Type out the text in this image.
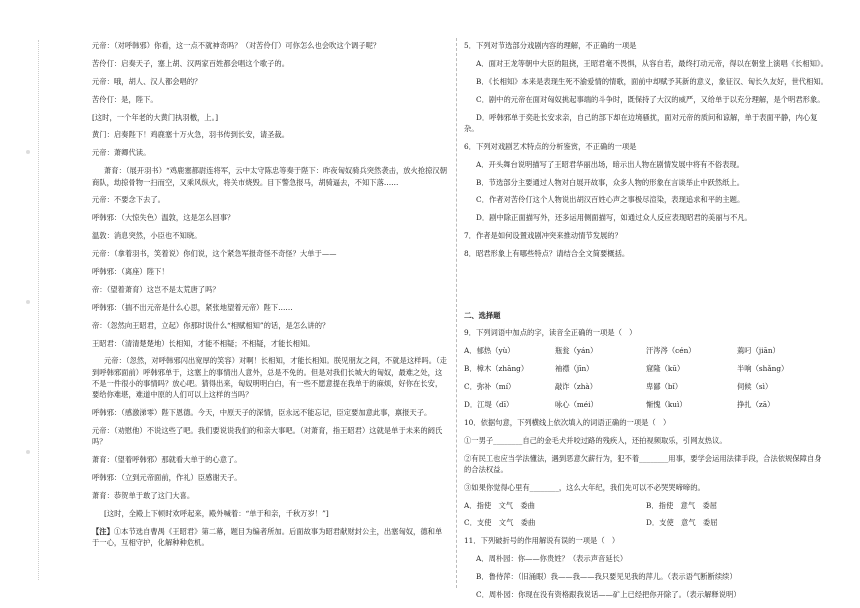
元帝：（对呼韩邪）你看，这一点不就神奇吗？（对苦伶仃）可你怎么也会吹这个调子呢？

苦伶仃：启奏天子，塞上胡、汉两家百姓都会唱这个歌子的。

元帝：哦，胡人、汉人都会唱的？

苦伶仃：是，陛下。

[这时，一个年老的大黄门执羽檄，上。]

黄门：启奏陛下！鸡鹿塞十万火急，羽书传到长安，请圣裁。

元帝：萧卿代读。

萧育：（展开羽书）“鸡鹿塞都尉连将军，云中太守陈忠等奏于陛下：昨夜匈奴骑兵突然袭击，放火抢掠汉朝商队，劫掠骨物一扫而空，又乘风纵火，将关市烧毁。目下警急报马，胡骑逼去，不知下落……

元帝：不要念下去了。

呼韩邪：（大惊失色）温敦，这是怎么回事？

温敦：消息突然，小臣也不知晓。

元帝：（拿着羽书，笑着说）你们说，这个紧急军报奇怪不奇怪？大单于——

呼韩邪：（离座）陛下！

帝：（望着萧育）这岂不是太荒唐了吗？

呼韩邪：（揣不出元帝是什么心思，紧张地望着元帝）陛下……

帝：（忽然向王昭君，立起）你那时说什么“相赋相知”的话，是怎么讲的？

王昭君：（清清楚楚地）长相知，才能不相疑；不相疑，才能长相知。

元帝：（忽然，对呼韩邪闪出宽厚的笑容）对啊！长相知，才能长相知。朕见朋友之间，不就是这样吗。（走到呼韩邪面前）呼韩邪单于，这塞上的事情出人意外，总是不免的。但是对我们长城大的匈奴，最难之处，这不是一件很小的事情吗？放心吧。猜得出来，匈奴明明白白，有一些不愿意提在我单于的麻烦，好你在长安，要给你难堪，难道中原的人们可以上这样的当吗？

呼韩邪：（感激涕零）陛下恩德。今天，中原天子的深情，臣永远不能忘记，臣定要加意此事，禀报天子。

元帝：（劝慰他）不说这些了吧。我们要说说我们的和亲大事吧。（对萧育，指王昭君）这就是单于未来的阏氏吗？

萧育：（望着呼韩邪）那就看大单于的心意了。

呼韩邪：（立到元帝面前，作礼）臣感谢天子。

萧育：恭贺单于敢了这门大喜。

[这时，全殿上下顿时欢呼起来，殿外喊着：“单于和亲，千秋万岁！”]

【注】①本节选自曹禺《王昭君》第二幕，题目为编者所加。后面故事为昭君献财封公主，出塞匈奴，德和单于一心，互相守护，化解种种危机。

5．下列对节选部分戏剧内容的理解，不正确的一项是

A．面对王龙等朝中大臣的阻挠，王昭君毫不畏惧，从容自若，最终打动元帝，得以在朝堂上演唱《长相知》。

B．《长相知》本来是表现生死不渝爱情的情歌，面前中却赋予其新的意义，象征汉、匈长久友好，世代相知。

C．剧中的元帝在面对匈奴挑起事端的斗争时，既保持了大汉的威严，又给单于以充分理解，是个明君形象。

D．呼韩邪单于奕赴长安求亲，自己的部下却在边境骚扰，面对元帝的质问和谅解，单于表面平静，内心复杂。

6．下列对戏剧艺术特点的分析鉴赏，不正确的一项是

A．开头舞台说明描写了王昭君华丽出场，暗示出人物在剧情发展中将有不俗表现。

B．节选部分主要通过人物对白展开故事，众多人物的形象在言谈举止中跃然纸上。

C．作者对苦伶仃这个人物说出胡汉百姓心声之事极尽渲染，表现追求和平的主题。

D．剧中除正面描写外，还多运用侧面描写，如通过众人反应表现昭君的美丽与不凡。

7．作者是如何设置戏剧冲突来推动情节发展的？

8．昭君形象上有哪些特点？请结合全文简要概括。

二、选择题

9．下列词语中加点的字，读音全正确的一项是（　）

A．郁热（yù）	瓶瓮（yán）	汗涔涔（cén）	蔫叼（jiān）
B．樟木（zhāng）	袖襟（jīn）	窟隆（kū）	半响（shǎng）
C．弥补（mí）	敲诈（zhà）	卑鄙（bǐ）	伺候（sì）
D．江堤（dī）	咏心（méi）	惭愧（kuì）	挣扎（zā）

10．依据句意，下列横线上依次填入的词语正确的一项是（　）

①一男子________自己的金毛犬并咬过路的残疾人，还拍视频取乐，引网友热议。

②有民工也应当学法懂法，遇到恶意欠薪行为，犯不着________用事，要学会运用法律手段，合法依规保障自身的合法权益。

③如果你觉得心里有________，这么大年纪，我们先可以不必哭哭啼啼的。

A．指使　文气　委曲	B．指使　意气　委屈
C．支使　文气　委曲	D．支使　意气　委屈

11．下列破折号的作用解说有误的一项是（　）

A．周朴园：你——你贵姓？（表示声音延长）

B．鲁侍萍：（旧涌眼）我——我——我只要见见我的萍儿。（表示语气断断续续）

C．周朴园：你现在没有资格跟我说话——矿上已经把你开除了。（表示解释说明）
